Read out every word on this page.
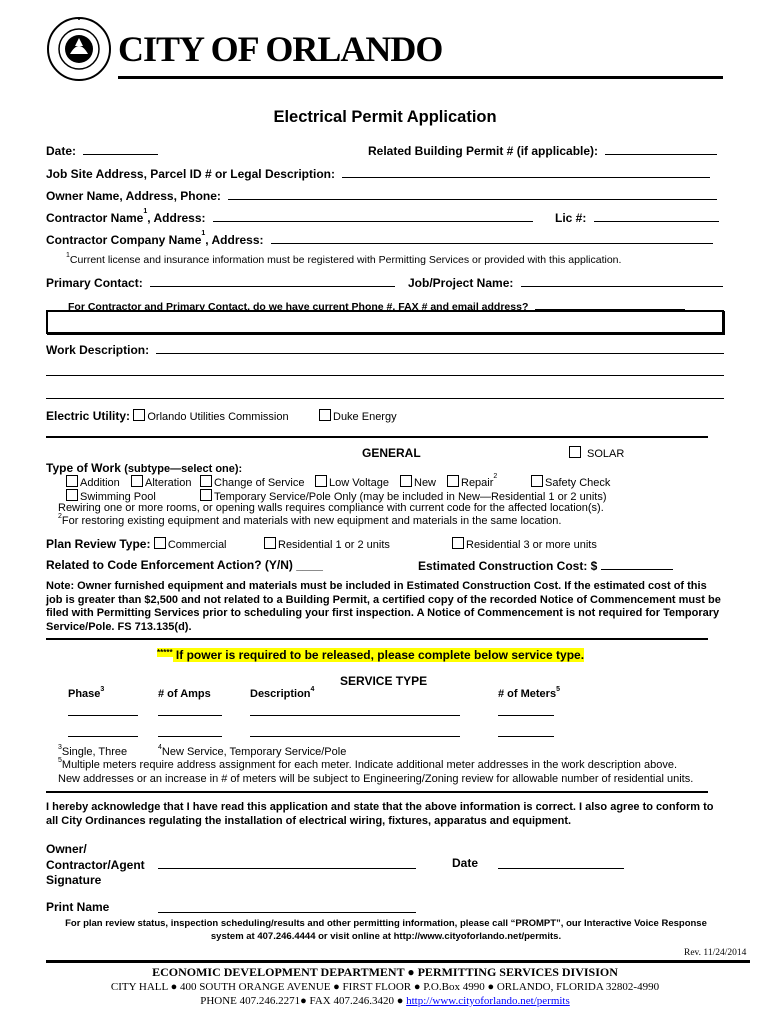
CITY OF ORLANDO
Electrical Permit Application
Date:	Related Building Permit # (if applicable):
Job Site Address, Parcel ID # or Legal Description:
Owner Name, Address, Phone:
Contractor Name$^1$, Address:	Lic #:
Contractor Company Name$^1$, Address:
$^1$Current license and insurance information must be registered with Permitting Services or provided with this application.
Primary Contact:	Job/Project Name:
For Contractor and Primary Contact, do we have current Phone #, FAX # and email address?
Work Description:
Electric Utility: Orlando Utilities Commission	Duke Energy
GENERAL	SOLAR
Type of Work (subtype—select one):
Addition	Alteration	Change of Service	Low Voltage	New	Repair$^2$
Safety Check
Swimming Pool	Temporary Service/Pole Only (may be included in New—Residential 1 or 2 units)
Rewiring one or more rooms, or opening walls requires compliance with current code for the affected location(s).
$^2$For restoring existing equipment and materials with new equipment and materials in the same location.
Plan Review Type: Commercial	Residential 1 or 2 units	Residential 3 or more units
Related to Code Enforcement Action? (Y/N) ____	Estimated Construction Cost: $
Note: Owner furnished equipment and materials must be included in Estimated Construction Cost. If the estimated cost of this job is greater than $2,500 and not related to a Building Permit, a certified copy of the recorded Notice of Commencement must be filed with Permitting Services prior to scheduling your first inspection. A Notice of Commencement is not required for Temporary Service/Pole. FS 713.135(d).
***** If power is required to be released, please complete below service type.
SERVICE TYPE
Phase$^3$	# of Amps	Description$^4$	# of Meters$^5$
$^3$Single, Three	$^4$New Service, Temporary Service/Pole
$^5$Multiple meters require address assignment for each meter. Indicate additional meter addresses in the work description above.
New addresses or an increase in # of meters will be subject to Engineering/Zoning review for allowable number of residential units.
I hereby acknowledge that I have read this application and state that the above information is correct. I also agree to conform to all City Ordinances regulating the installation of electrical wiring, fixtures, apparatus and equipment.
Owner/
Contractor/Agent
Signature
Date
Print Name
For plan review status, inspection scheduling/results and other permitting information, please call “PROMPT”, our Interactive Voice Response system at 407.246.4444 or visit online at http://www.cityoforlando.net/permits.
Rev. 11/24/2014
ECONOMIC DEVELOPMENT DEPARTMENT ● PERMITTING SERVICES DIVISION
CITY HALL ● 400 SOUTH ORANGE AVENUE ● FIRST FLOOR ● P.O.Box 4990 ● ORLANDO, FLORIDA 32802-4990
PHONE 407.246.2271● FAX 407.246.3420 ● http://www.cityoforlando.net/permits
